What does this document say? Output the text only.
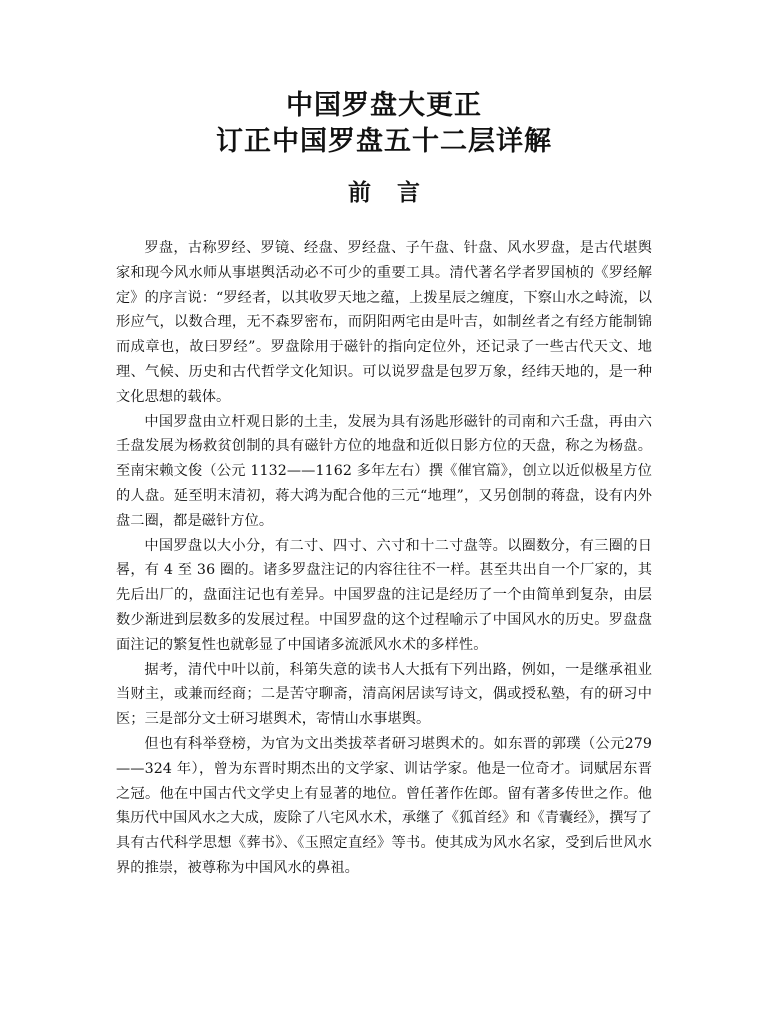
中国罗盘大更正

订正中国罗盘五十二层详解

前言

罗盘，古称罗经、罗镜、经盘、罗经盘、子午盘、针盘、风水罗盘，是古代堪舆家和现今风水师从事堪舆活动必不可少的重要工具。清代著名学者罗国桢的《罗经解定》的序言说：“罗经者，以其收罗天地之蕴，上拨星辰之缠度，下察山水之峙流，以形应气，以数合理，无不森罗密布，而阴阳两宅由是叶吉，如制丝者之有经方能制锦而成章也，故曰罗经”。罗盘除用于磁针的指向定位外，还记录了一些古代天文、地理、气候、历史和古代哲学文化知识。可以说罗盘是包罗万象，经纬天地的，是一种文化思想的载体。

中国罗盘由立杆观日影的土圭，发展为具有汤匙形磁针的司南和六壬盘，再由六壬盘发展为杨救贫创制的具有磁针方位的地盘和近似日影方位的天盘，称之为杨盘。至南宋赖文俊（公元 1132——1162 多年左右）撰《催官篇》，创立以近似极星方位的人盘。延至明末清初，蒋大鸿为配合他的三元“地理”，又另创制的蒋盘，设有内外盘二圈，都是磁针方位。

中国罗盘以大小分，有二寸、四寸、六寸和十二寸盘等。以圈数分，有三圈的日晷，有 4 至 36 圈的。诸多罗盘注记的内容往往不一样。甚至共出自一个厂家的，其先后出厂的，盘面注记也有差异。中国罗盘的注记是经历了一个由简单到复杂，由层数少渐进到层数多的发展过程。中国罗盘的这个过程喻示了中国风水的历史。罗盘盘面注记的繁复性也就彰显了中国诸多流派风水术的多样性。

据考，清代中叶以前，科第失意的读书人大抵有下列出路，例如，一是继承祖业当财主，或兼而经商；二是苦守聊斋，清高闲居读写诗文，偶或授私塾，有的研习中医；三是部分文士研习堪舆术，寄情山水事堪舆。

但也有科举登榜，为官为文出类拔萃者研习堪舆术的。如东晋的郭璞（公元279——324 年），曾为东晋时期杰出的文学家、训诂学家。他是一位奇才。词赋居东晋之冠。他在中国古代文学史上有显著的地位。曾任著作佐郎。留有著多传世之作。他集历代中国风水之大成，废除了八宅风水术，承继了《狐首经》和《青囊经》，撰写了具有古代科学思想《葬书》、《玉照定直经》等书。使其成为风水名家，受到后世风水界的推崇，被尊称为中国风水的鼻祖。
